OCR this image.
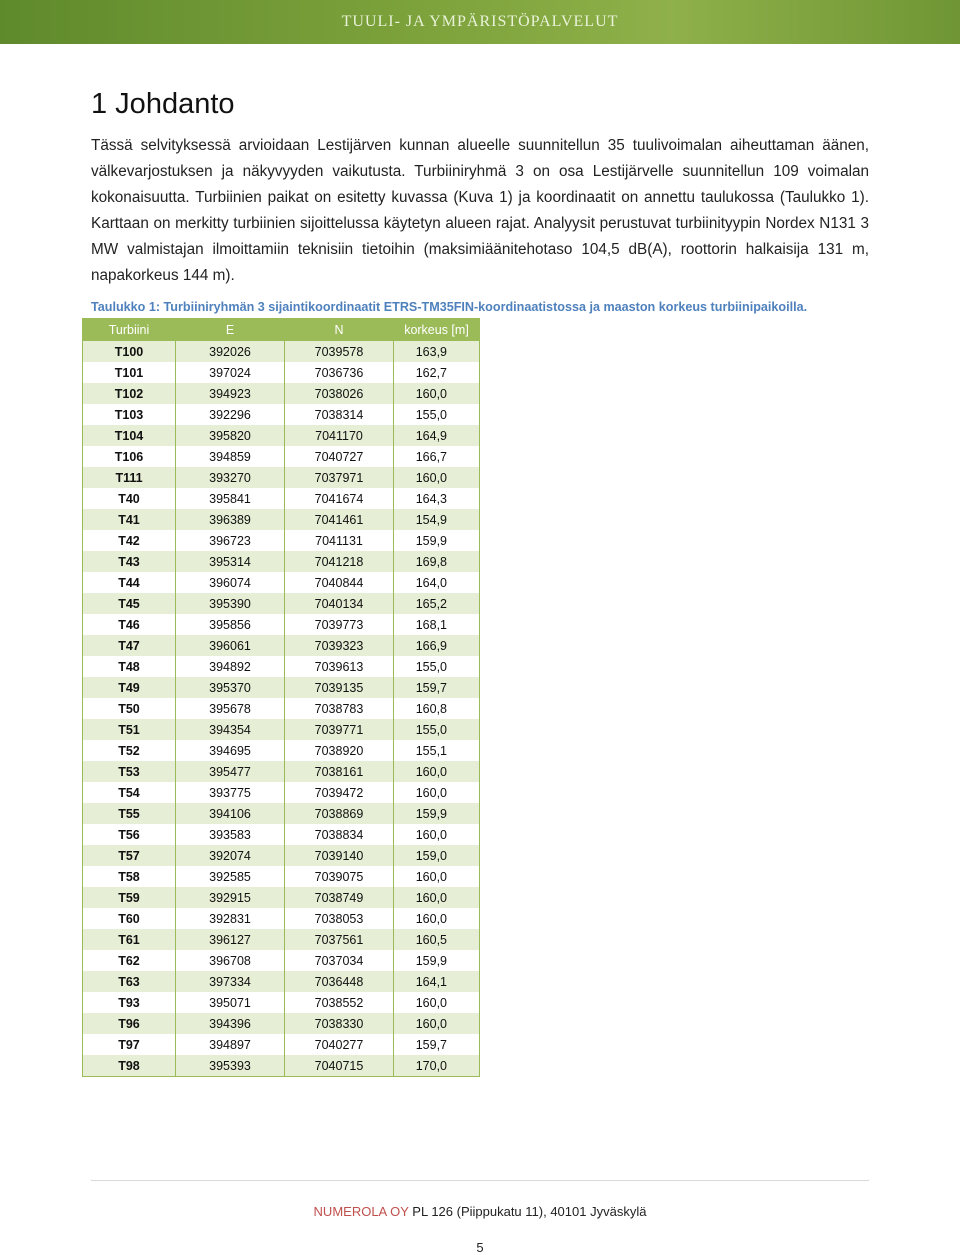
TUULI- JA YMPÄRISTÖPALVELUT
1 Johdanto

Tässä selvityksessä arvioidaan Lestijärven kunnan alueelle suunnitellun 35 tuulivoimalan aiheuttaman äänen, välkevarjostuksen ja näkyvyyden vaikutusta. Turbiiniryhmä 3 on osa Lestijärvelle suunnitellun 109 voimalan kokonaisuutta. Turbiinien paikat on esitetty kuvassa (Kuva 1) ja koordinaatit on annettu taulukossa (Taulukko 1). Karttaan on merkitty turbiinien sijoittelussa käytetyn alueen rajat. Analyysit perustuvat turbiinityypin Nordex N131 3 MW valmistajan ilmoittamiin teknisiin tietoihin (maksimiäänitehotaso 104,5 dB(A), roottorin halkaisija 131 m, napakorkeus 144 m).

Taulukko 1: Turbiiniryhmän 3 sijaintikoordinaatit ETRS-TM35FIN-koordinaatistossa ja maaston korkeus turbiinipaikoilla.

Turbiini	E	N	korkeus [m]
T100	392026	7039578	163,9
T101	397024	7036736	162,7
T102	394923	7038026	160,0
T103	392296	7038314	155,0
T104	395820	7041170	164,9
T106	394859	7040727	166,7
T111	393270	7037971	160,0
T40	395841	7041674	164,3
T41	396389	7041461	154,9
T42	396723	7041131	159,9
T43	395314	7041218	169,8
T44	396074	7040844	164,0
T45	395390	7040134	165,2
T46	395856	7039773	168,1
T47	396061	7039323	166,9
T48	394892	7039613	155,0
T49	395370	7039135	159,7
T50	395678	7038783	160,8
T51	394354	7039771	155,0
T52	394695	7038920	155,1
T53	395477	7038161	160,0
T54	393775	7039472	160,0
T55	394106	7038869	159,9
T56	393583	7038834	160,0
T57	392074	7039140	159,0
T58	392585	7039075	160,0
T59	392915	7038749	160,0
T60	392831	7038053	160,0
T61	396127	7037561	160,5
T62	396708	7037034	159,9
T63	397334	7036448	164,1
T93	395071	7038552	160,0
T96	394396	7038330	160,0
T97	394897	7040277	159,7
T98	395393	7040715	170,0
NUMEROLA OY PL 126 (Piippukatu 11), 40101 Jyväskylä
5
